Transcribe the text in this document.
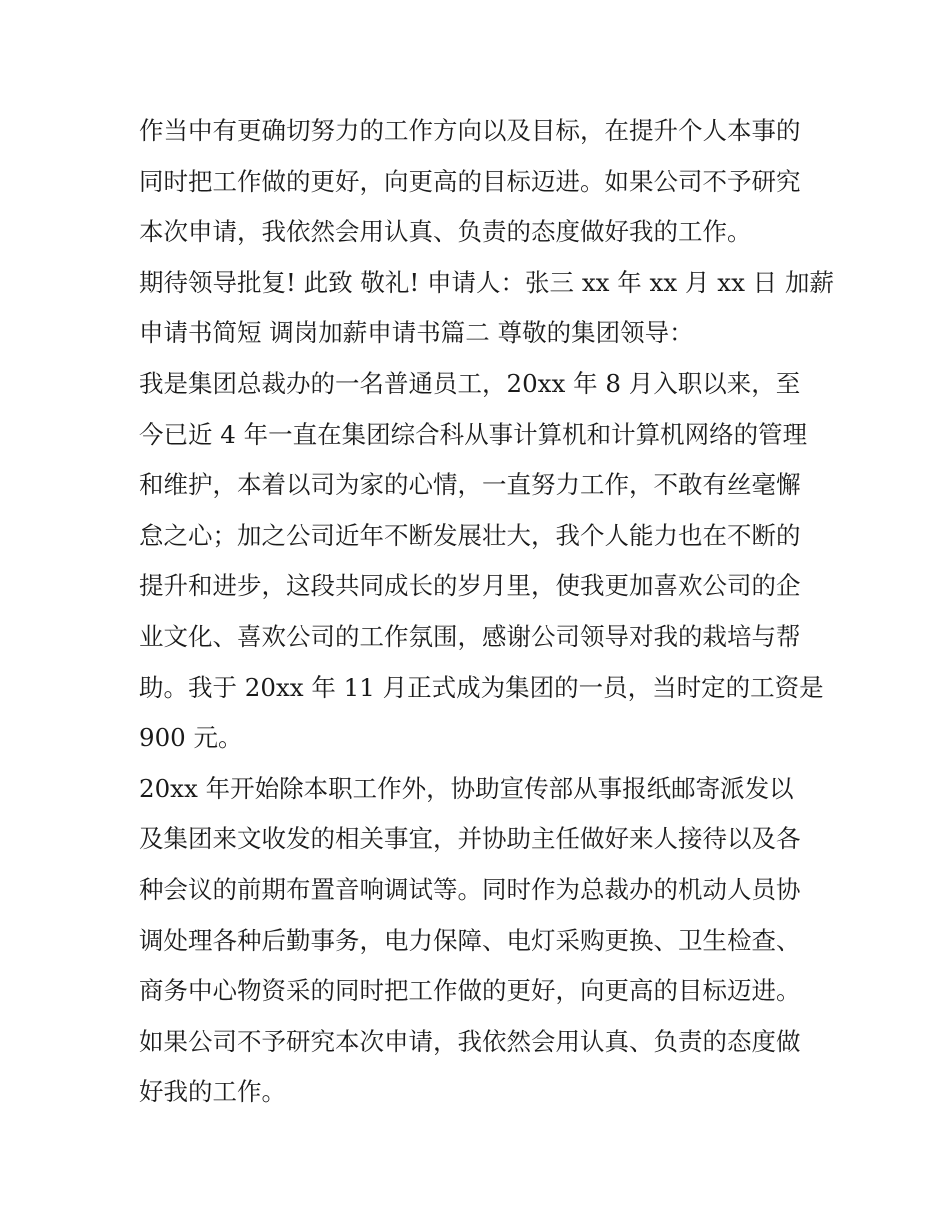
作当中有更确切努力的工作方向以及目标，在提升个人本事的
同时把工作做的更好，向更高的目标迈进。如果公司不予研究
本次申请，我依然会用认真、负责的态度做好我的工作。
期待领导批复! 此致 敬礼! 申请人：张三 xx 年 xx 月 xx 日 加薪
申请书简短 调岗加薪申请书篇二 尊敬的集团领导：
我是集团总裁办的一名普通员工，20xx 年 8 月入职以来，至
今已近 4 年一直在集团综合科从事计算机和计算机网络的管理
和维护，本着以司为家的心情，一直努力工作，不敢有丝毫懈
怠之心；加之公司近年不断发展壮大，我个人能力也在不断的
提升和进步，这段共同成长的岁月里，使我更加喜欢公司的企
业文化、喜欢公司的工作氛围，感谢公司领导对我的栽培与帮
助。我于 20xx 年 11 月正式成为集团的一员，当时定的工资是
900 元。
20xx 年开始除本职工作外，协助宣传部从事报纸邮寄派发以
及集团来文收发的相关事宜，并协助主任做好来人接待以及各
种会议的前期布置音响调试等。同时作为总裁办的机动人员协
调处理各种后勤事务，电力保障、电灯采购更换、卫生检查、
商务中心物资采的同时把工作做的更好，向更高的目标迈进。
如果公司不予研究本次申请，我依然会用认真、负责的态度做
好我的工作。
